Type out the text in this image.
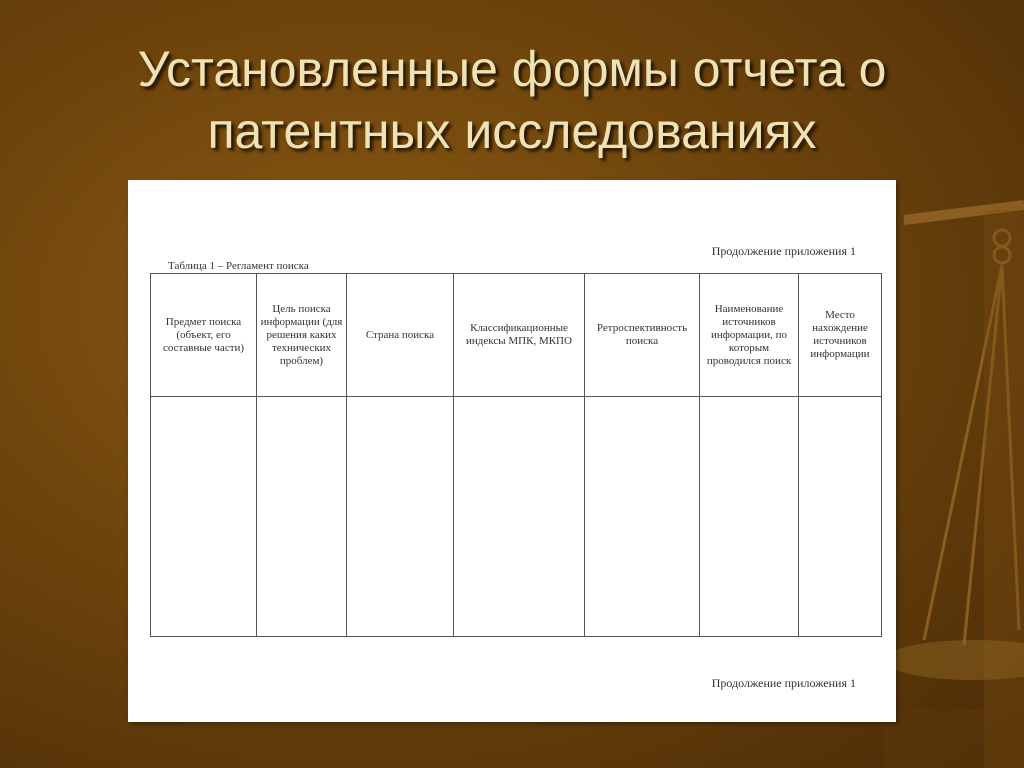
Установленные формы отчета о
патентных исследованиях
Продолжение приложения 1
Таблица 1 – Регламент поиска
Предмет поиска (объект, его составные части)	Цель поиска информации (для решения каких технических проблем)	Страна поиска	Классификационные индексы МПК, МКПО	Ретроспективность поиска	Наименование источников информации, по которым проводился поиск	Место нахождение источников информации

Продолжение приложения 1
